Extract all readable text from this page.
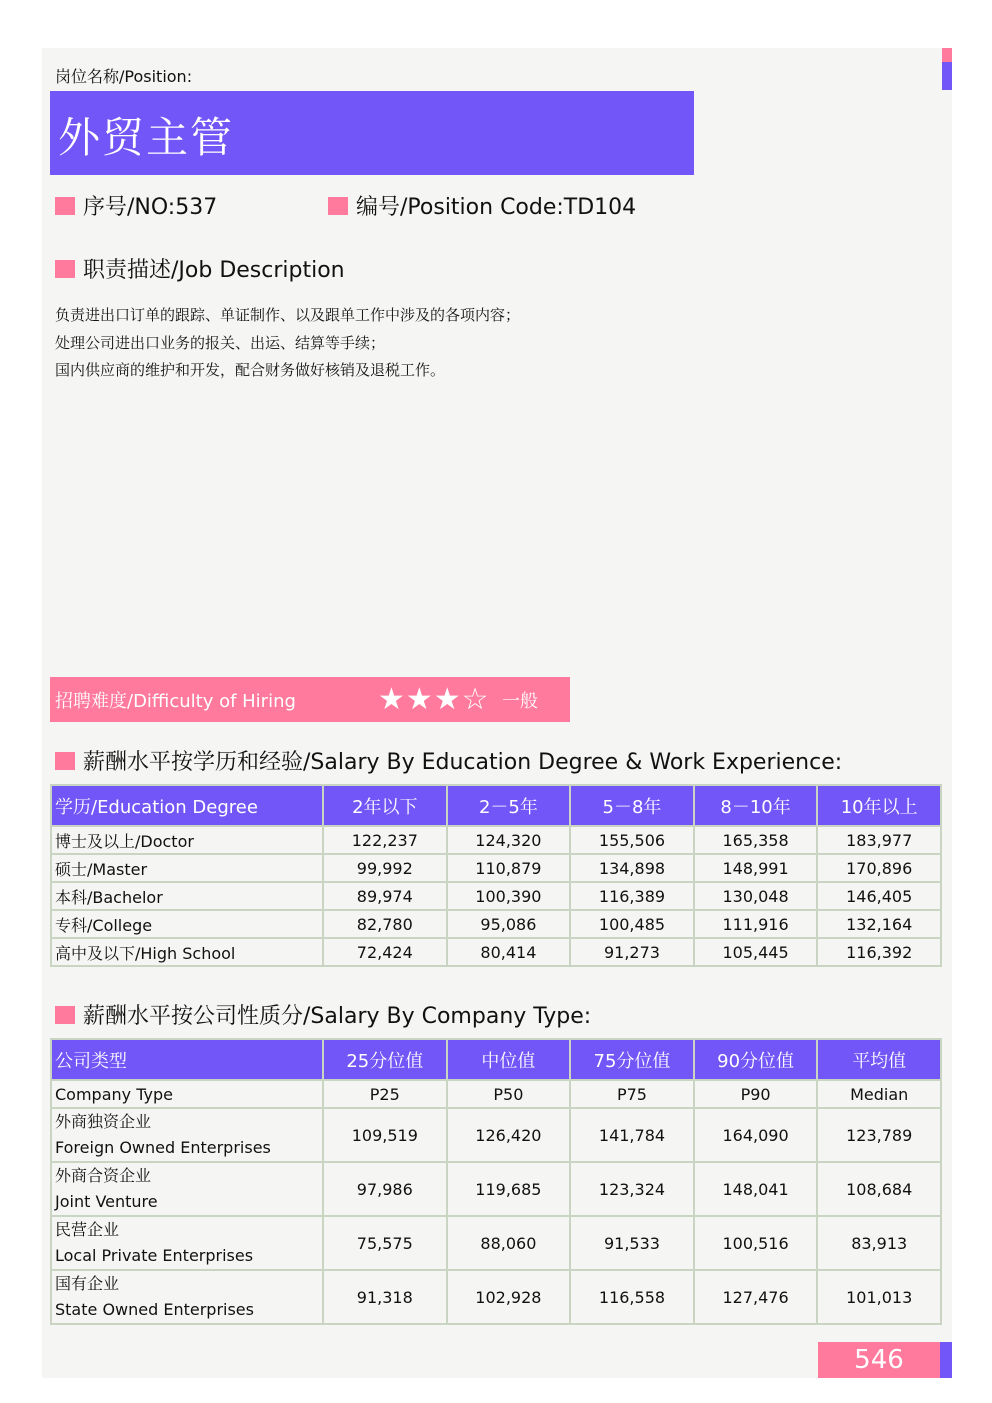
岗位名称/Position:
外贸主管
序号/NO:537	编号/Position Code:TD104
职责描述/Job Description
负责进出口订单的跟踪、单证制作、以及跟单工作中涉及的各项内容；
处理公司进出口业务的报关、出运、结算等手续；
国内供应商的维护和开发，配合财务做好核销及退税工作。
招聘难度/Difficulty of Hiring	★★★☆ 一般
薪酬水平按学历和经验/Salary By Education Degree & Work Experience:
学历/Education Degree	2年以下	2－5年	5－8年	8－10年	10年以上
博士及以上/Doctor	122,237	124,320	155,506	165,358	183,977
硕士/Master	99,992	110,879	134,898	148,991	170,896
本科/Bachelor	89,974	100,390	116,389	130,048	146,405
专科/College	82,780	95,086	100,485	111,916	132,164
高中及以下/High School	72,424	80,414	91,273	105,445	116,392
薪酬水平按公司性质分/Salary By Company Type:
公司类型	25分位值	中位值	75分位值	90分位值	平均值
Company Type	P25	P50	P75	P90	Median

外商独资企业
Foreign Owned Enterprises	109,519	126,420	141,784	164,090	123,789

外商合资企业
Joint Venture	97,986	119,685	123,324	148,041	108,684

民营企业
Local Private Enterprises	75,575	88,060	91,533	100,516	83,913

国有企业
State Owned Enterprises	91,318	102,928	116,558	127,476	101,013
546
